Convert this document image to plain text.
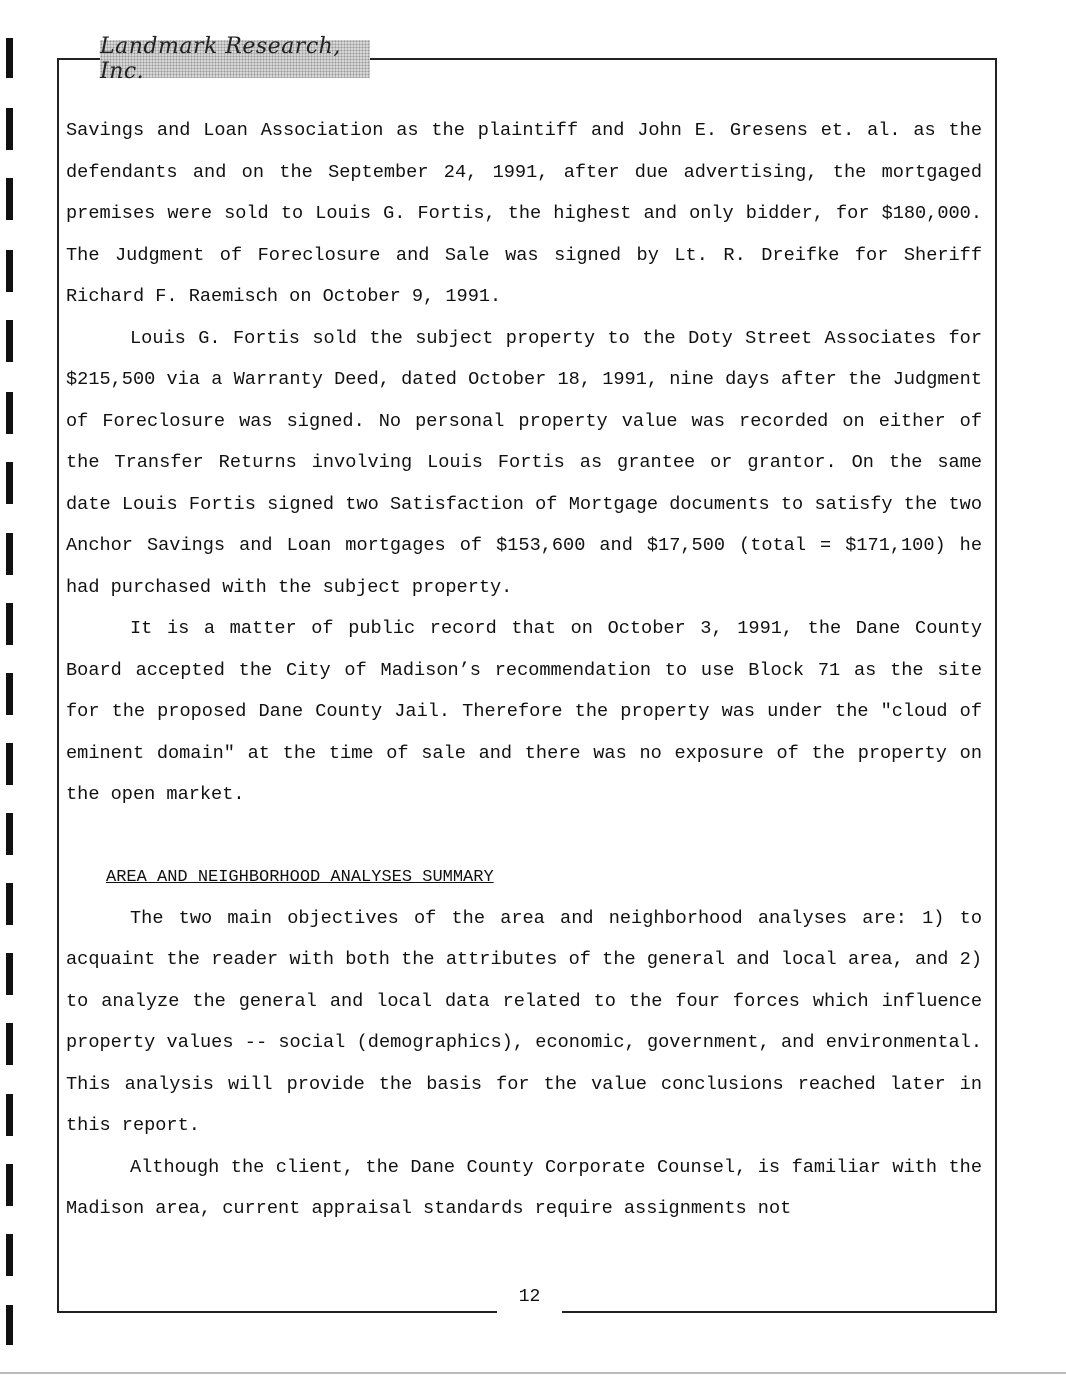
Landmark Research, Inc.

Savings and Loan Association as the plaintiff and John E. Gresens et. al. as the defendants and on the September 24, 1991, after due advertising, the mortgaged premises were sold to Louis G. Fortis, the highest and only bidder, for $180,000. The Judgment of Foreclosure and Sale was signed by Lt. R. Dreifke for Sheriff Richard F. Raemisch on October 9, 1991.

Louis G. Fortis sold the subject property to the Doty Street Associates for $215,500 via a Warranty Deed, dated October 18, 1991, nine days after the Judgment of Foreclosure was signed. No personal property value was recorded on either of the Transfer Returns involving Louis Fortis as grantee or grantor. On the same date Louis Fortis signed two Satisfaction of Mortgage documents to satisfy the two Anchor Savings and Loan mortgages of $153,600 and $17,500 (total = $171,100) he had purchased with the subject property.

It is a matter of public record that on October 3, 1991, the Dane County Board accepted the City of Madison’s recommendation to use Block 71 as the site for the proposed Dane County Jail. Therefore the property was under the "cloud of eminent domain" at the time of sale and there was no exposure of the property on the open market.

AREA AND NEIGHBORHOOD ANALYSES SUMMARY

The two main objectives of the area and neighborhood analyses are: 1) to acquaint the reader with both the attributes of the general and local area, and 2) to analyze the general and local data related to the four forces which influence property values -- social (demographics), economic, government, and environmental. This analysis will provide the basis for the value conclusions reached later in this report.

Although the client, the Dane County Corporate Counsel, is familiar with the Madison area, current appraisal standards require assignments not

12
